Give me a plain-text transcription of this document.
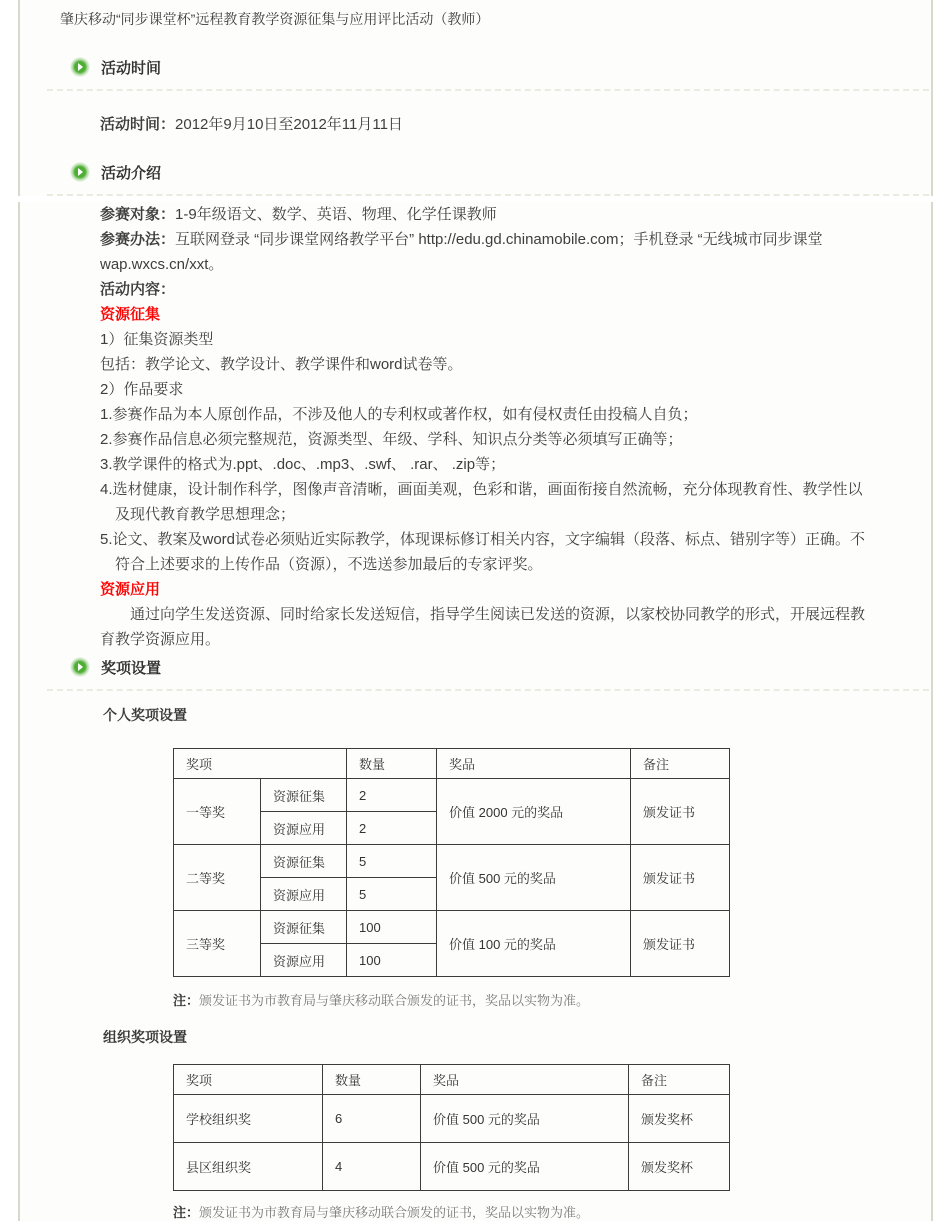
肇庆移动“同步课堂杯”远程教育教学资源征集与应用评比活动（教师）
活动时间
活动时间：2012年9月10日至2012年11月11日
活动介绍

参赛对象：1-9年级语文、数学、英语、物理、化学任课教师

参赛办法：互联网登录 “同步课堂网络教学平台” http://edu.gd.chinamobile.com；手机登录 “无线城市同步课堂wap.wxcs.cn/xxt。

活动内容：

资源征集

1）征集资源类型

包括：教学论文、教学设计、教学课件和word试卷等。

2）作品要求

1.参赛作品为本人原创作品，不涉及他人的专利权或著作权，如有侵权责任由投稿人自负；

2.参赛作品信息必须完整规范，资源类型、年级、学科、知识点分类等必须填写正确等；

3.教学课件的格式为.ppt、.doc、.mp3、.swf、 .rar、 .zip等；

4.选材健康，设计制作科学，图像声音清晰，画面美观，色彩和谐，画面衔接自然流畅，充分体现教育性、教学性以及现代教育教学思想理念；

5.论文、教案及word试卷必须贴近实际教学，体现课标修订相关内容，文字编辑（段落、标点、错别字等）正确。不符合上述要求的上传作品（资源），不选送参加最后的专家评奖。

资源应用

通过向学生发送资源、同时给家长发送短信，指导学生阅读已发送的资源，以家校协同教学的形式，开展远程教育教学资源应用。

奖项设置
个人奖项设置
奖项		数量	奖品	备注
一等奖	资源征集	2	价值 2000 元的奖品	颁发证书
	资源应用	2		
二等奖	资源征集	5	价值 500 元的奖品	颁发证书
	资源应用	5		
三等奖	资源征集	100	价值 100 元的奖品	颁发证书
	资源应用	100		
注：颁发证书为市教育局与肇庆移动联合颁发的证书，奖品以实物为准。
组织奖项设置
奖项	数量	奖品	备注
学校组织奖	6	价值 500 元的奖品	颁发奖杯
县区组织奖	4	价值 500 元的奖品	颁发奖杯
注：颁发证书为市教育局与肇庆移动联合颁发的证书，奖品以实物为准。
